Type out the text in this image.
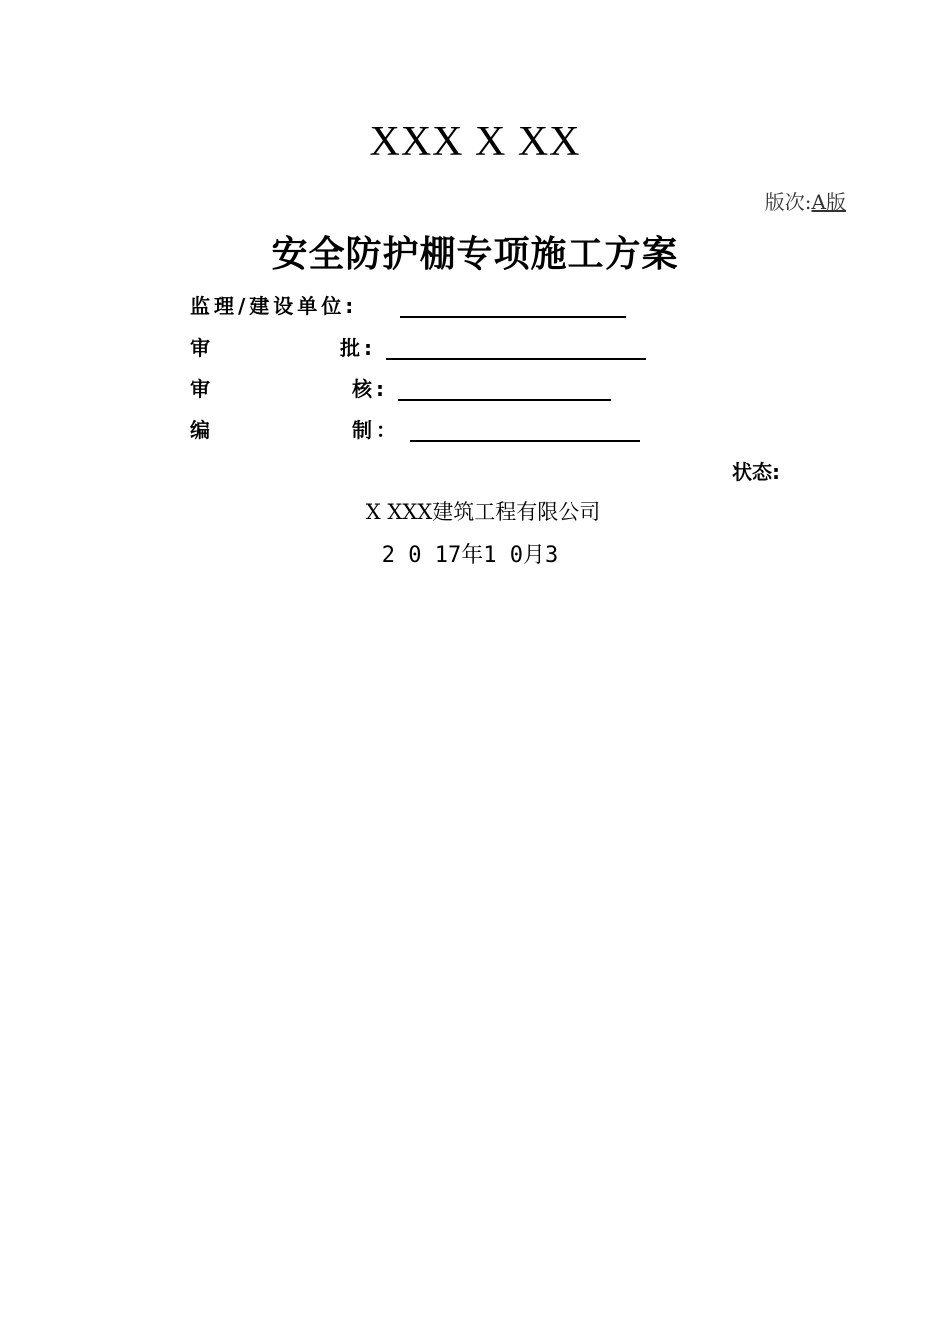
XXX X XX
版次:A版
安全防护棚专项施工方案
监理/建设单位:
审	批:
审	核:
编	制：
状态:
X XXX建筑工程有限公司
2 0 17年1 0月3
